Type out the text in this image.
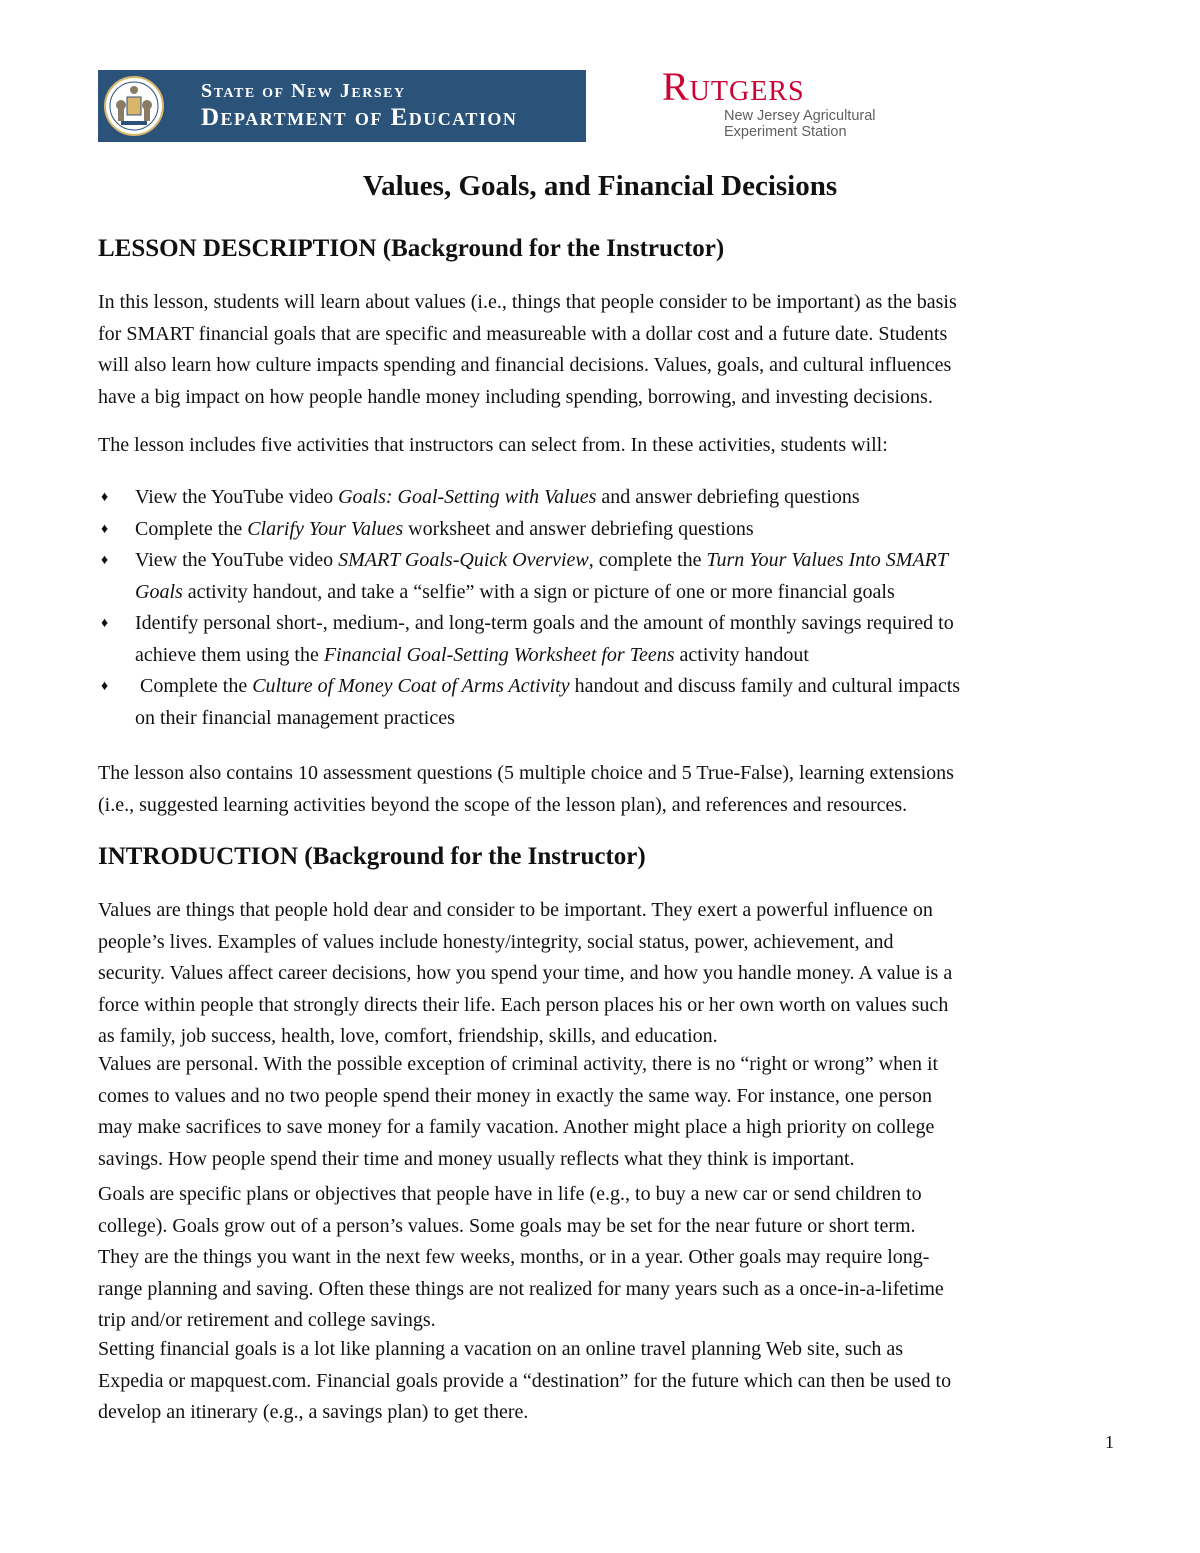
State of New Jersey
Department of Education
Rutgers
New Jersey Agricultural
Experiment Station
Values, Goals, and Financial Decisions
LESSON DESCRIPTION (Background for the Instructor)
In this lesson, students will learn about values (i.e., things that people consider to be important) as the basis
for SMART financial goals that are specific and measureable with a dollar cost and a future date. Students
will also learn how culture impacts spending and financial decisions. Values, goals, and cultural influences
have a big impact on how people handle money including spending, borrowing, and investing decisions.
The lesson includes five activities that instructors can select from. In these activities, students will:
♦ View the YouTube video Goals: Goal-Setting with Values and answer debriefing questions
♦ Complete the Clarify Your Values worksheet and answer debriefing questions
♦ View the YouTube video SMART Goals-Quick Overview, complete the Turn Your Values Into SMART
Goals activity handout, and take a “selfie” with a sign or picture of one or more financial goals
♦ Identify personal short-, medium-, and long-term goals and the amount of monthly savings required to
achieve them using the Financial Goal-Setting Worksheet for Teens activity handout
♦ Complete the Culture of Money Coat of Arms Activity handout and discuss family and cultural impacts
on their financial management practices
The lesson also contains 10 assessment questions (5 multiple choice and 5 True-False), learning extensions
(i.e., suggested learning activities beyond the scope of the lesson plan), and references and resources.
INTRODUCTION (Background for the Instructor)
Values are things that people hold dear and consider to be important. They exert a powerful influence on
people’s lives. Examples of values include honesty/integrity, social status, power, achievement, and
security. Values affect career decisions, how you spend your time, and how you handle money. A value is a
force within people that strongly directs their life. Each person places his or her own worth on values such
as family, job success, health, love, comfort, friendship, skills, and education.
Values are personal. With the possible exception of criminal activity, there is no “right or wrong” when it
comes to values and no two people spend their money in exactly the same way. For instance, one person
may make sacrifices to save money for a family vacation. Another might place a high priority on college
savings. How people spend their time and money usually reflects what they think is important.
Goals are specific plans or objectives that people have in life (e.g., to buy a new car or send children to
college). Goals grow out of a person’s values. Some goals may be set for the near future or short term.
They are the things you want in the next few weeks, months, or in a year. Other goals may require long-
range planning and saving. Often these things are not realized for many years such as a once-in-a-lifetime
trip and/or retirement and college savings.
Setting financial goals is a lot like planning a vacation on an online travel planning Web site, such as
Expedia or mapquest.com. Financial goals provide a “destination” for the future which can then be used to
develop an itinerary (e.g., a savings plan) to get there.
1
